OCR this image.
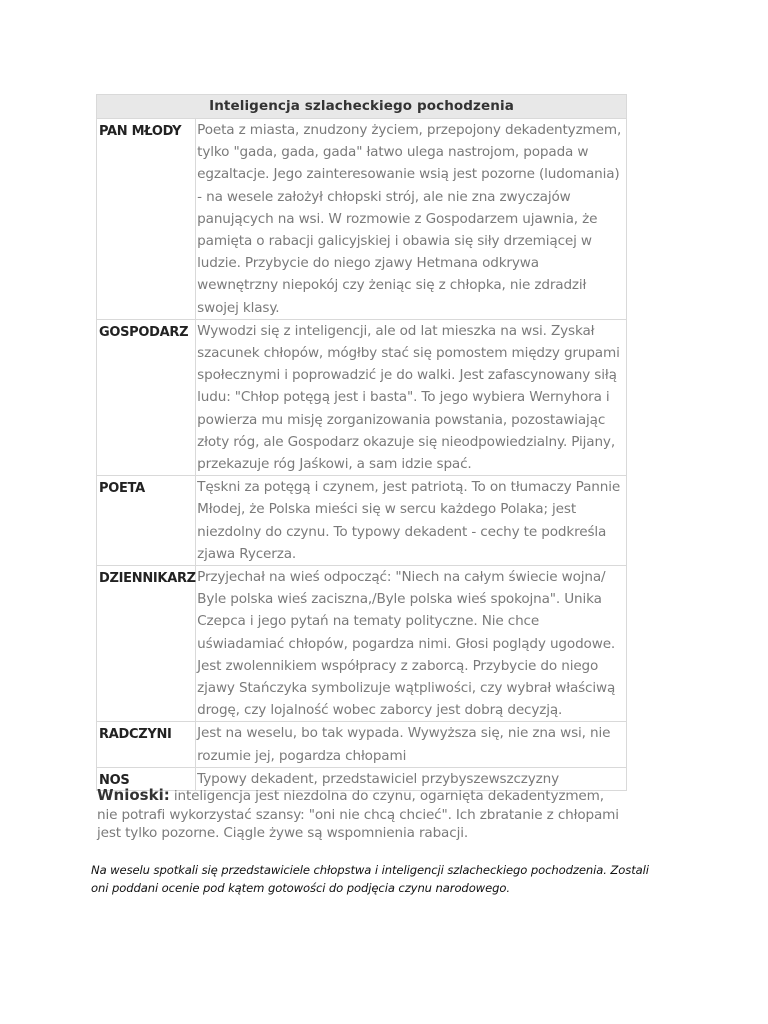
Inteligencja szlacheckiego pochodzenia	
PAN MŁODY	Poeta z miasta, znudzony życiem, przepojony dekadentyzmem, tylko "gada, gada, gada" łatwo ulega nastrojom, popada w egzaltacje. Jego zainteresowanie wsią jest pozorne (ludomania) - na wesele założył chłopski strój, ale nie zna zwyczajów panujących na wsi. W rozmowie z Gospodarzem ujawnia, że pamięta o rabacji galicyjskiej i obawia się siły drzemiącej w ludzie. Przybycie do niego zjawy Hetmana odkrywa wewnętrzny niepokój czy żeniąc się z chłopka, nie zdradził swojej klasy.
GOSPODARZ	Wywodzi się z inteligencji, ale od lat mieszka na wsi. Zyskał szacunek chłopów, mógłby stać się pomostem między grupami społecznymi i poprowadzić je do walki. Jest zafascynowany siłą ludu: "Chłop potęgą jest i basta". To jego wybiera Wernyhora i powierza mu misję zorganizowania powstania, pozostawiając złoty róg, ale Gospodarz okazuje się nieodpowiedzialny. Pijany, przekazuje róg Jaśkowi, a sam idzie spać.
POETA	Tęskni za potęgą i czynem, jest patriotą. To on tłumaczy Pannie Młodej, że Polska mieści się w sercu każdego Polaka; jest niezdolny do czynu. To typowy dekadent - cechy te podkreśla zjawa Rycerza.
DZIENNIKARZ	Przyjechał na wieś odpocząć: "Niech na całym świecie wojna/ Byle polska wieś zaciszna,/Byle polska wieś spokojna". Unika Czepca i jego pytań na tematy polityczne. Nie chce uświadamiać chłopów, pogardza nimi. Głosi poglądy ugodowe. Jest zwolennikiem współpracy z zaborcą. Przybycie do niego zjawy Stańczyka symbolizuje wątpliwości, czy wybrał właściwą drogę, czy lojalność wobec zaborcy jest dobrą decyzją.
RADCZYNI	Jest na weselu, bo tak wypada. Wywyższa się, nie zna wsi, nie rozumie jej, pogardza chłopami
NOS	Typowy dekadent, przedstawiciel przybyszewszczyzny

Wnioski: inteligencja jest niezdolna do czynu, ogarnięta dekadentyzmem, nie potrafi wykorzystać szansy: "oni nie chcą chcieć". Ich zbratanie z chłopami jest tylko pozorne. Ciągle żywe są wspomnienia rabacji.

Na weselu spotkali się przedstawiciele chłopstwa i inteligencji szlacheckiego pochodzenia. Zostali oni poddani ocenie pod kątem gotowości do podjęcia czynu narodowego.
